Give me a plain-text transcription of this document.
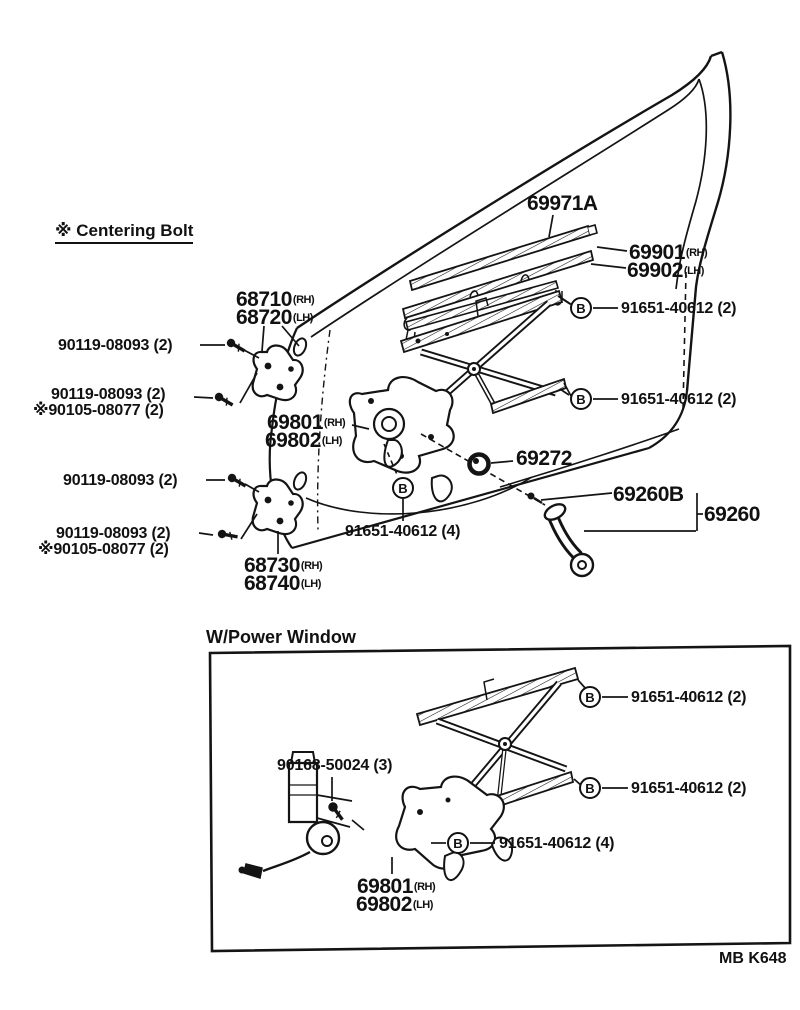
※ Centering Bolt
69971A
69901 (RH)
69902 (LH)
B	91651-40612 (2)
68710 (RH)
68720 (LH)
90119-08093 (2)
90119-08093 (2)
※90105-08077 (2)
69801 (RH)
69802 (LH)
B	91651-40612 (2)
69272
69260B
69260
90119-08093 (2)
90119-08093 (2)
※90105-08077 (2)
B
91651-40612 (4)
68730 (RH)
68740 (LH)
W/Power Window
B	91651-40612 (2)
B	91651-40612 (2)
90168-50024 (3)
B	91651-40612 (4)
69801 (RH)
69802 (LH)
MB K648
